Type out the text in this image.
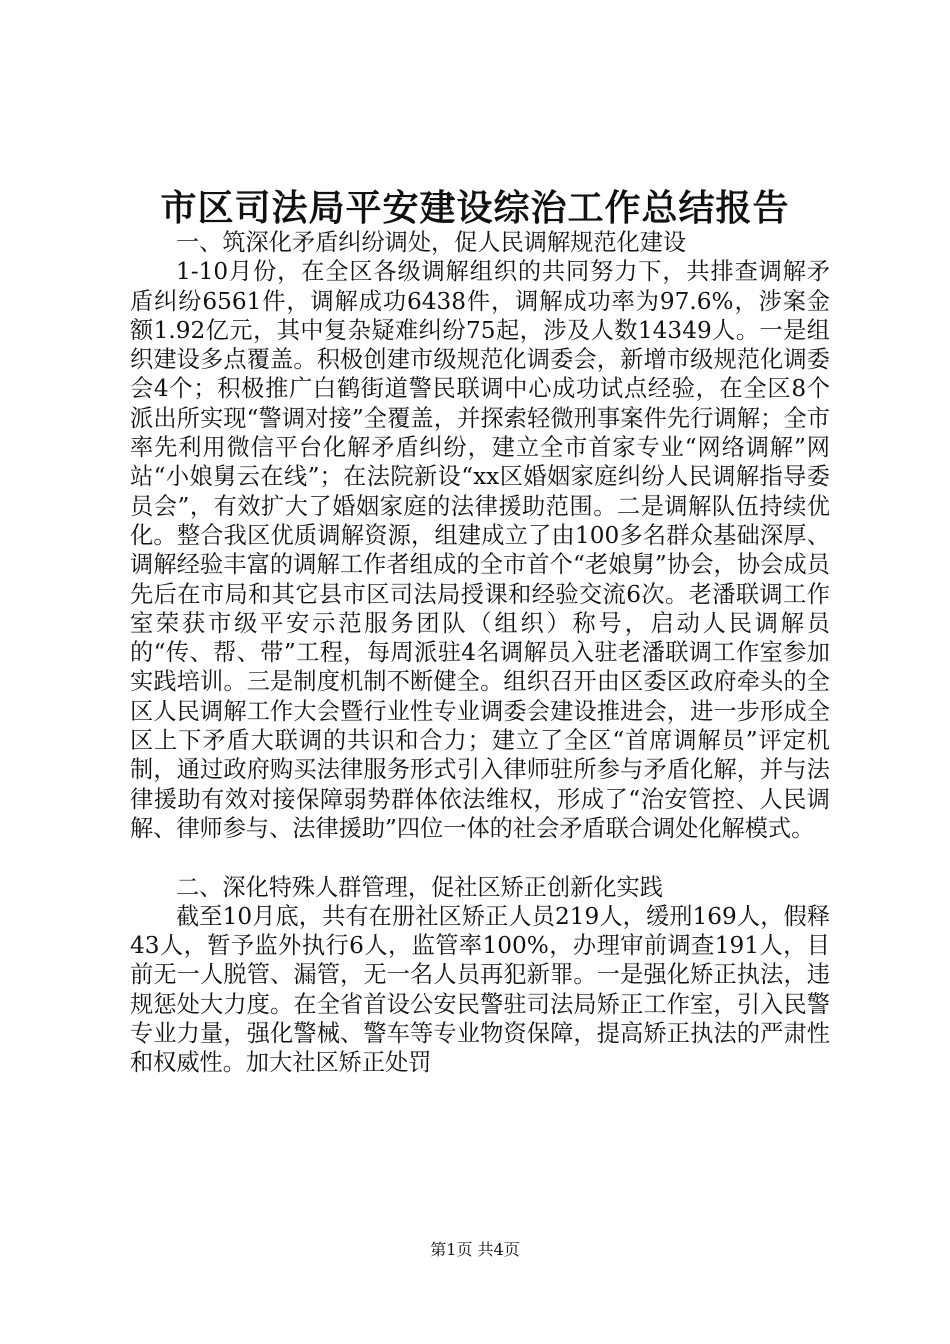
市区司法局平安建设综治工作总结报告

一、筑深化矛盾纠纷调处，促人民调解规范化建设

1-10月份，在全区各级调解组织的共同努力下，共排查调解矛盾纠纷6561件，调解成功6438件，调解成功率为97.6%，涉案金额1.92亿元，其中复杂疑难纠纷75起，涉及人数14349人。一是组织建设多点覆盖。积极创建市级规范化调委会，新增市级规范化调委会4个；积极推广白鹤街道警民联调中心成功试点经验，在全区8个派出所实现“警调对接”全覆盖，并探索轻微刑事案件先行调解；全市率先利用微信平台化解矛盾纠纷，建立全市首家专业“网络调解”网站“小娘舅云在线”；在法院新设“xx区婚姻家庭纠纷人民调解指导委员会”，有效扩大了婚姻家庭的法律援助范围。二是调解队伍持续优化。整合我区优质调解资源，组建成立了由100多名群众基础深厚、调解经验丰富的调解工作者组成的全市首个“老娘舅”协会，协会成员先后在市局和其它县市区司法局授课和经验交流6次。老潘联调工作室荣获市级平安示范服务团队（组织）称号，启动人民调解员的“传、帮、带”工程，每周派驻4名调解员入驻老潘联调工作室参加实践培训。三是制度机制不断健全。组织召开由区委区政府牵头的全区人民调解工作大会暨行业性专业调委会建设推进会，进一步形成全区上下矛盾大联调的共识和合力；建立了全区“首席调解员”评定机制，通过政府购买法律服务形式引入律师驻所参与矛盾化解，并与法律援助有效对接保障弱势群体依法维权，形成了“治安管控、人民调解、律师参与、法律援助”四位一体的社会矛盾联合调处化解模式。

二、深化特殊人群管理，促社区矫正创新化实践

截至10月底，共有在册社区矫正人员219人，缓刑169人，假释43人，暂予监外执行6人，监管率100%，办理审前调查191人，目前无一人脱管、漏管，无一名人员再犯新罪。一是强化矫正执法，违规惩处大力度。在全省首设公安民警驻司法局矫正工作室，引入民警专业力量，强化警械、警车等专业物资保障，提高矫正执法的严肃性和权威性。加大社区矫正处罚

第1页 共4页
